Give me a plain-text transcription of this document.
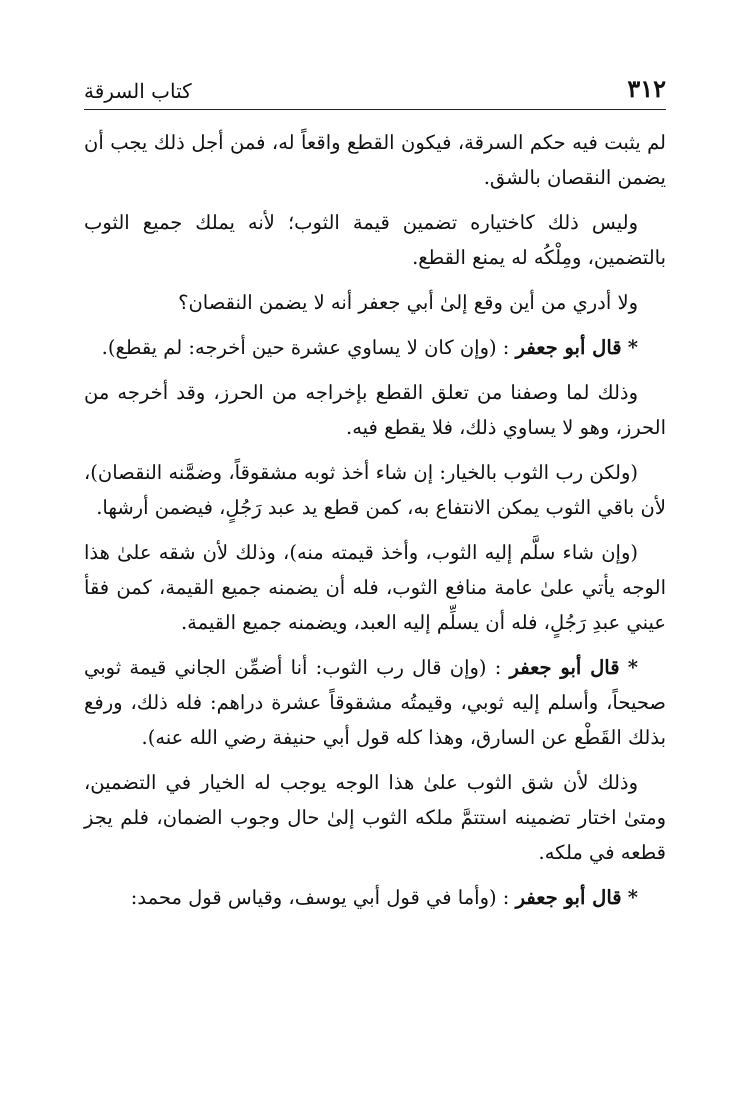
كتاب السرقة	٣١٢

لم يثبت فيه حكم السرقة، فيكون القطع واقعاً له، فمن أجل ذلك يجب أن يضمن النقصان بالشق.

وليس ذلك كاختياره تضمين قيمة الثوب؛ لأنه يملك جميع الثوب بالتضمين، ومِلْكُه له يمنع القطع.

ولا أدري من أين وقع إلىٰ أبي جعفر أنه لا يضمن النقصان؟

* قال أبو جعفر : (وإن كان لا يساوي عشرة حين أخرجه: لم يقطع).

وذلك لما وصفنا من تعلق القطع بإخراجه من الحرز، وقد أخرجه من الحرز، وهو لا يساوي ذلك، فلا يقطع فيه.

(ولكن رب الثوب بالخيار: إن شاء أخذ ثوبه مشقوقاً، وضمَّنه النقصان)، لأن باقي الثوب يمكن الانتفاع به، كمن قطع يد عبد رَجُلٍ، فيضمن أرشها.

(وإن شاء سلَّم إليه الثوب، وأخذ قيمته منه)، وذلك لأن شقه علىٰ هذا الوجه يأتي علىٰ عامة منافع الثوب، فله أن يضمنه جميع القيمة، كمن فقأ عيني عبدِ رَجُلٍ، فله أن يسلِّم إليه العبد، ويضمنه جميع القيمة.

* قال أبو جعفر : (وإن قال رب الثوب: أنا أضمِّن الجاني قيمة ثوبي صحيحاً، وأسلم إليه ثوبي، وقيمتُه مشقوقاً عشرة دراهم: فله ذلك، ورفع بذلك القَطْع عن السارق، وهذا كله قول أبي حنيفة رضي الله عنه).

وذلك لأن شق الثوب علىٰ هذا الوجه يوجب له الخيار في التضمين، ومتىٰ اختار تضمينه استتمَّ ملكه الثوب إلىٰ حال وجوب الضمان، فلم يجز قطعه في ملكه.

* قال أبو جعفر : (وأما في قول أبي يوسف، وقياس قول محمد:
